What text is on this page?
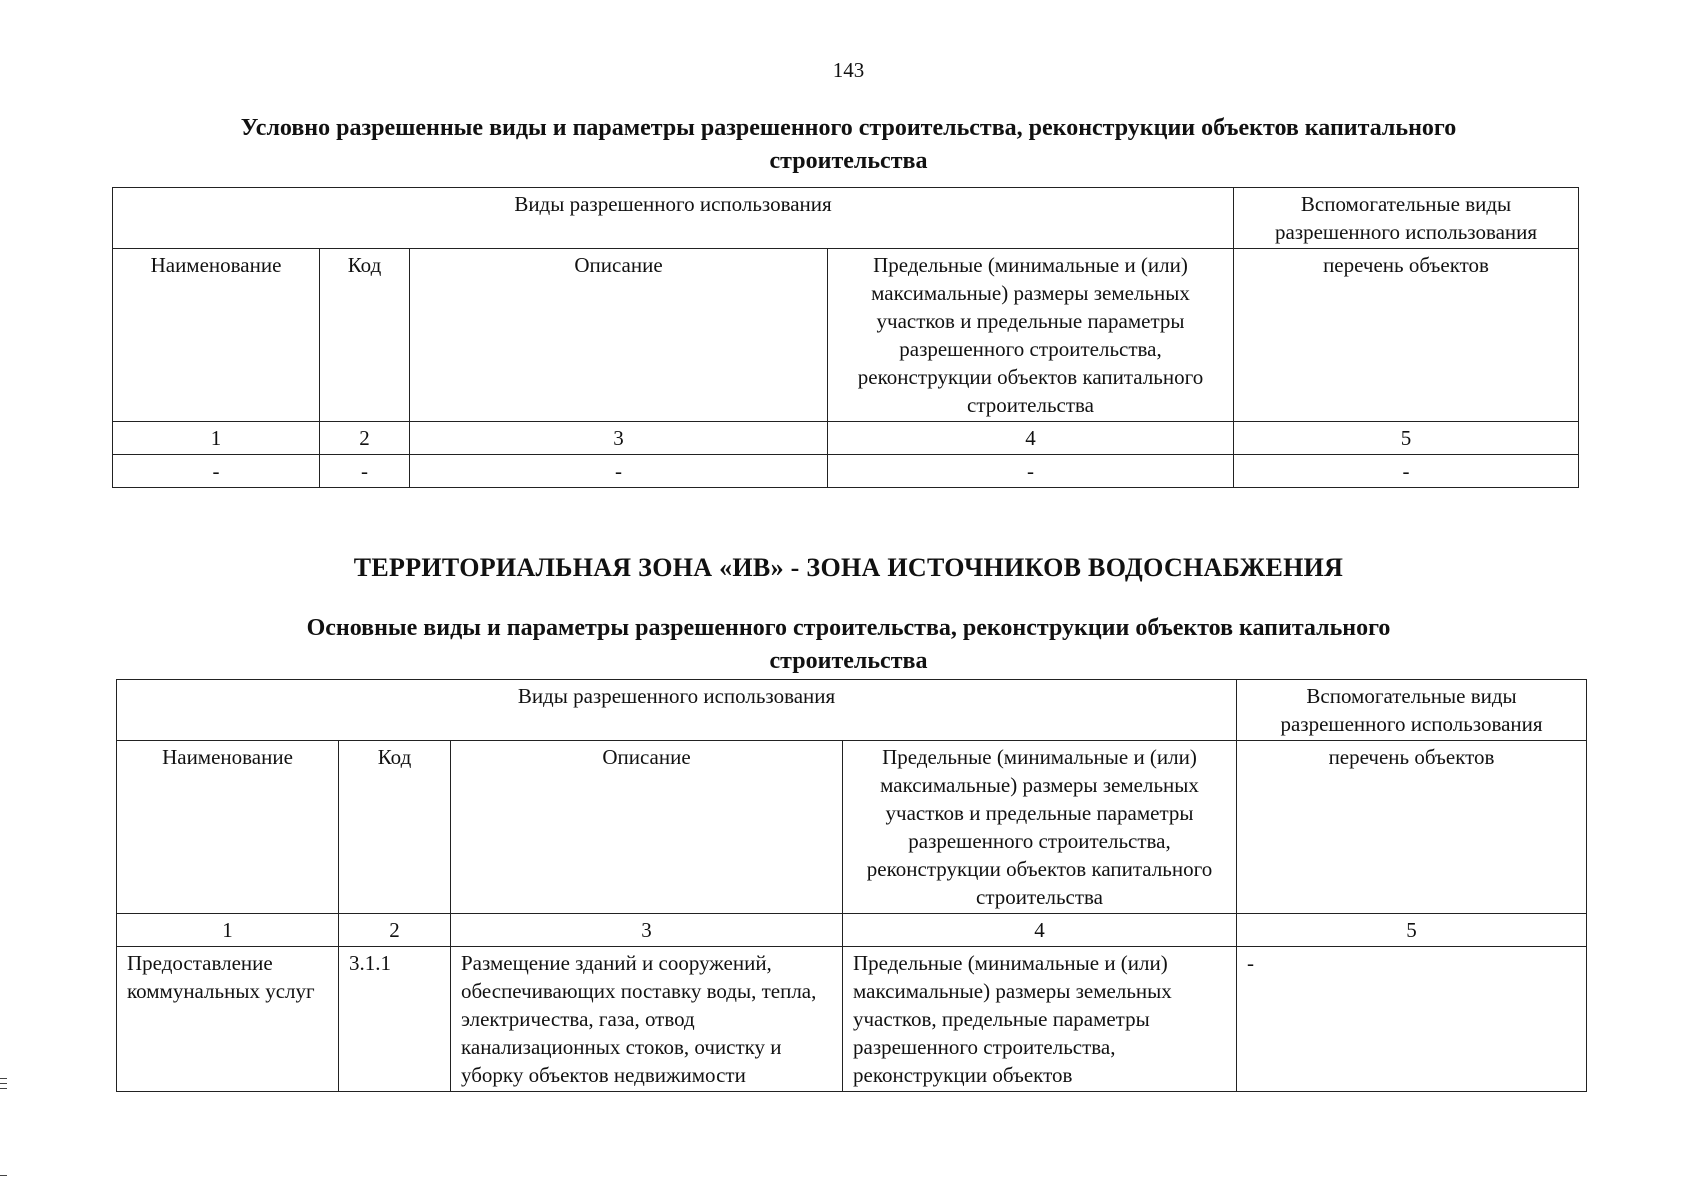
143
Условно разрешенные виды и параметры разрешенного строительства, реконструкции объектов капитального
строительства
Виды разрешенного использования				Вспомогательные виды разрешенного использования
Наименование	Код	Описание	Предельные (минимальные и (или) максимальные) размеры земельных участков и предельные параметры разрешенного строительства, реконструкции объектов капитального строительства	перечень объектов
1	2	3	4	5
-	-	-	-	-
ТЕРРИТОРИАЛЬНАЯ ЗОНА «ИВ» - ЗОНА ИСТОЧНИКОВ ВОДОСНАБЖЕНИЯ
Основные виды и параметры разрешенного строительства, реконструкции объектов капитального
строительства
Виды разрешенного использования				Вспомогательные виды разрешенного использования
Наименование	Код	Описание	Предельные (минимальные и (или) максимальные) размеры земельных участков и предельные параметры разрешенного строительства, реконструкции объектов капитального строительства	перечень объектов
1	2	3	4	5
Предоставление коммунальных услуг	3.1.1	Размещение зданий и сооружений, обеспечивающих поставку воды, тепла, электричества, газа, отвод канализационных стоков, очистку и уборку объектов недвижимости	Предельные (минимальные и (или) максимальные) размеры земельных участков, предельные параметры разрешенного строительства, реконструкции объектов	-
